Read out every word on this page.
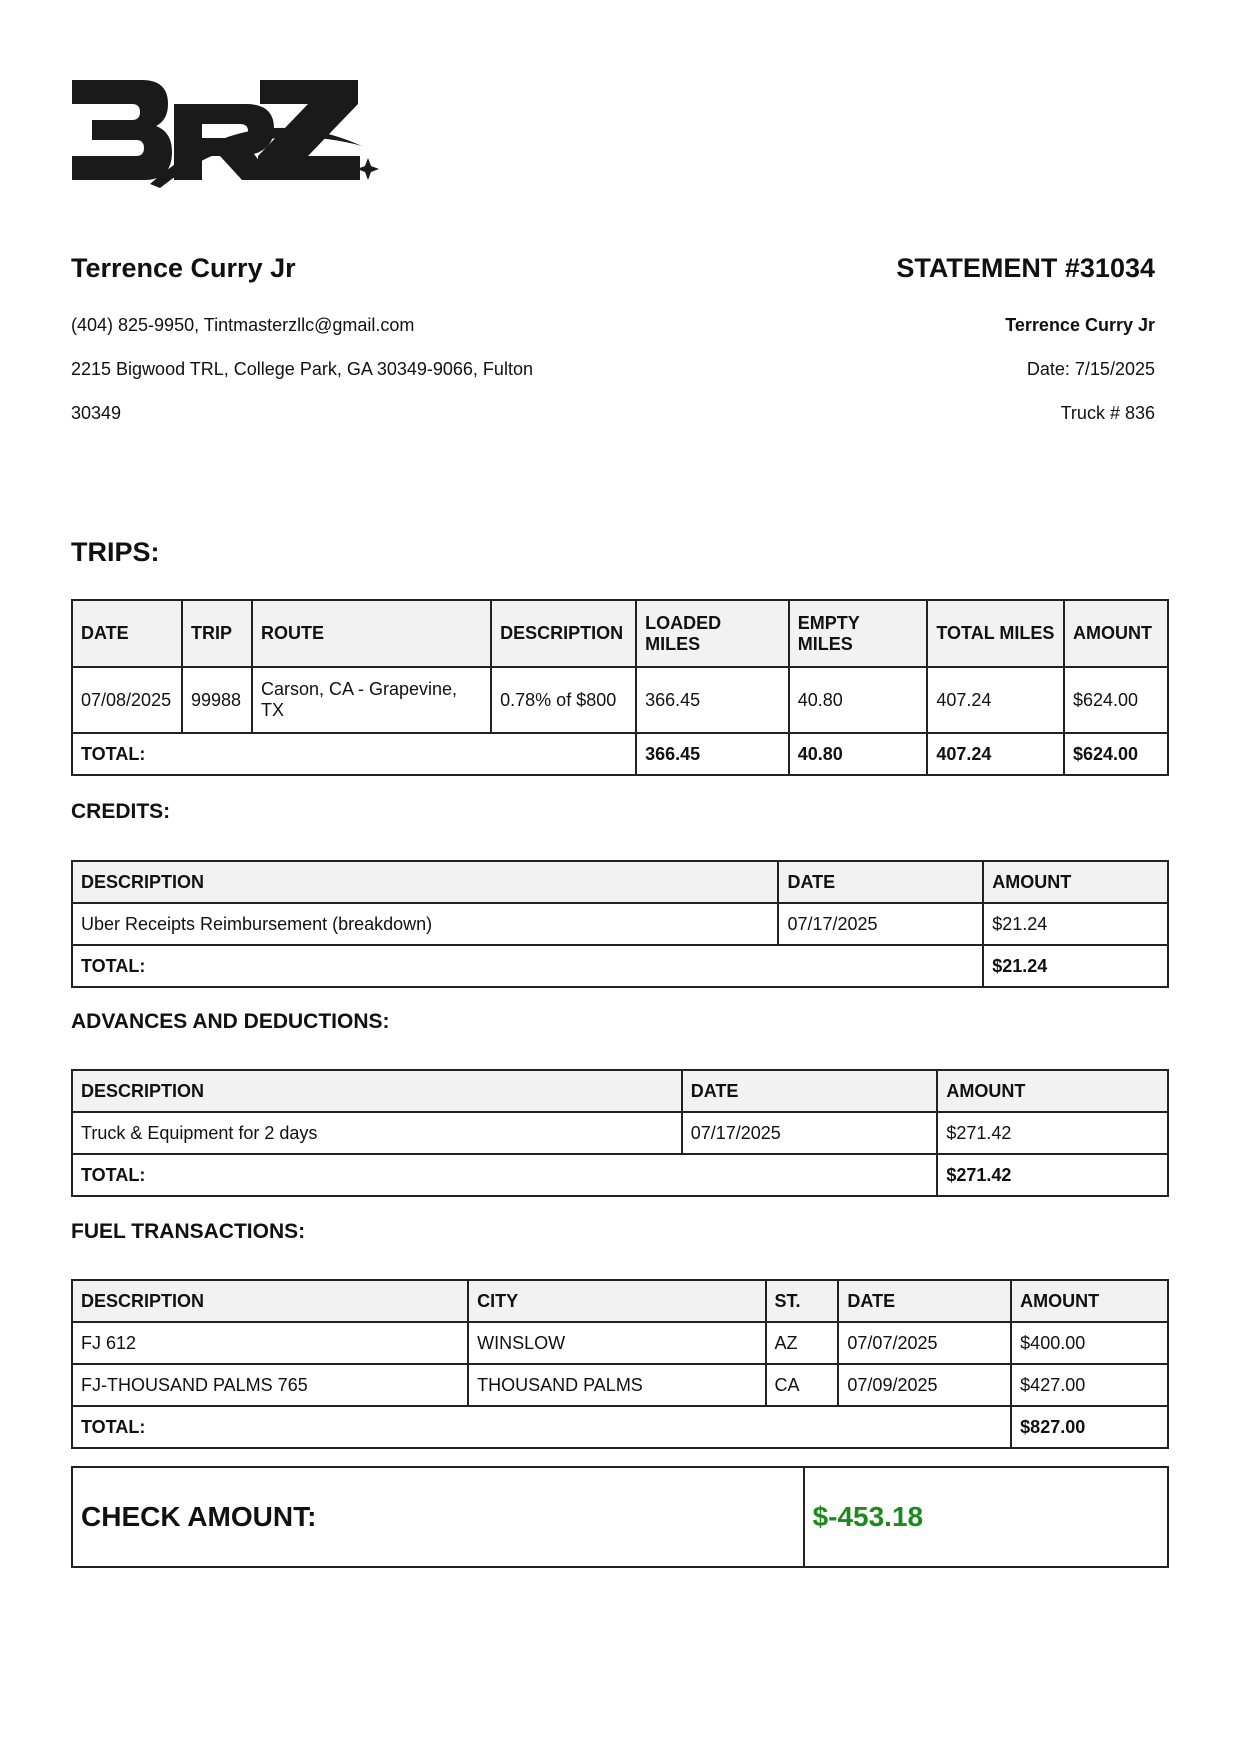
Terrence Curry Jr
(404) 825-9950, Tintmasterzllc@gmail.com
2215 Bigwood TRL, College Park, GA 30349-9066, Fulton
30349
STATEMENT #31034
Terrence Curry Jr
Date: 7/15/2025
Truck # 836
TRIPS:
DATE	TRIP	ROUTE	DESCRIPTION	LOADED MILES	EMPTY MILES	TOTAL MILES	AMOUNT
07/08/2025	99988	Carson, CA - Grapevine, TX	0.78% of $800	366.45	40.80	407.24	$624.00
TOTAL:				366.45	40.80	407.24	$624.00
CREDITS:
DESCRIPTION	DATE	AMOUNT
Uber Receipts Reimbursement (breakdown)	07/17/2025	$21.24
TOTAL:		$21.24
ADVANCES AND DEDUCTIONS:
DESCRIPTION	DATE	AMOUNT
Truck & Equipment for 2 days	07/17/2025	$271.42
TOTAL:		$271.42
FUEL TRANSACTIONS:
DESCRIPTION	CITY	ST.	DATE	AMOUNT
FJ 612	WINSLOW	AZ	07/07/2025	$400.00
FJ-THOUSAND PALMS 765	THOUSAND PALMS	CA	07/09/2025	$427.00
TOTAL:				$827.00
CHECK AMOUNT:	$-453.18
